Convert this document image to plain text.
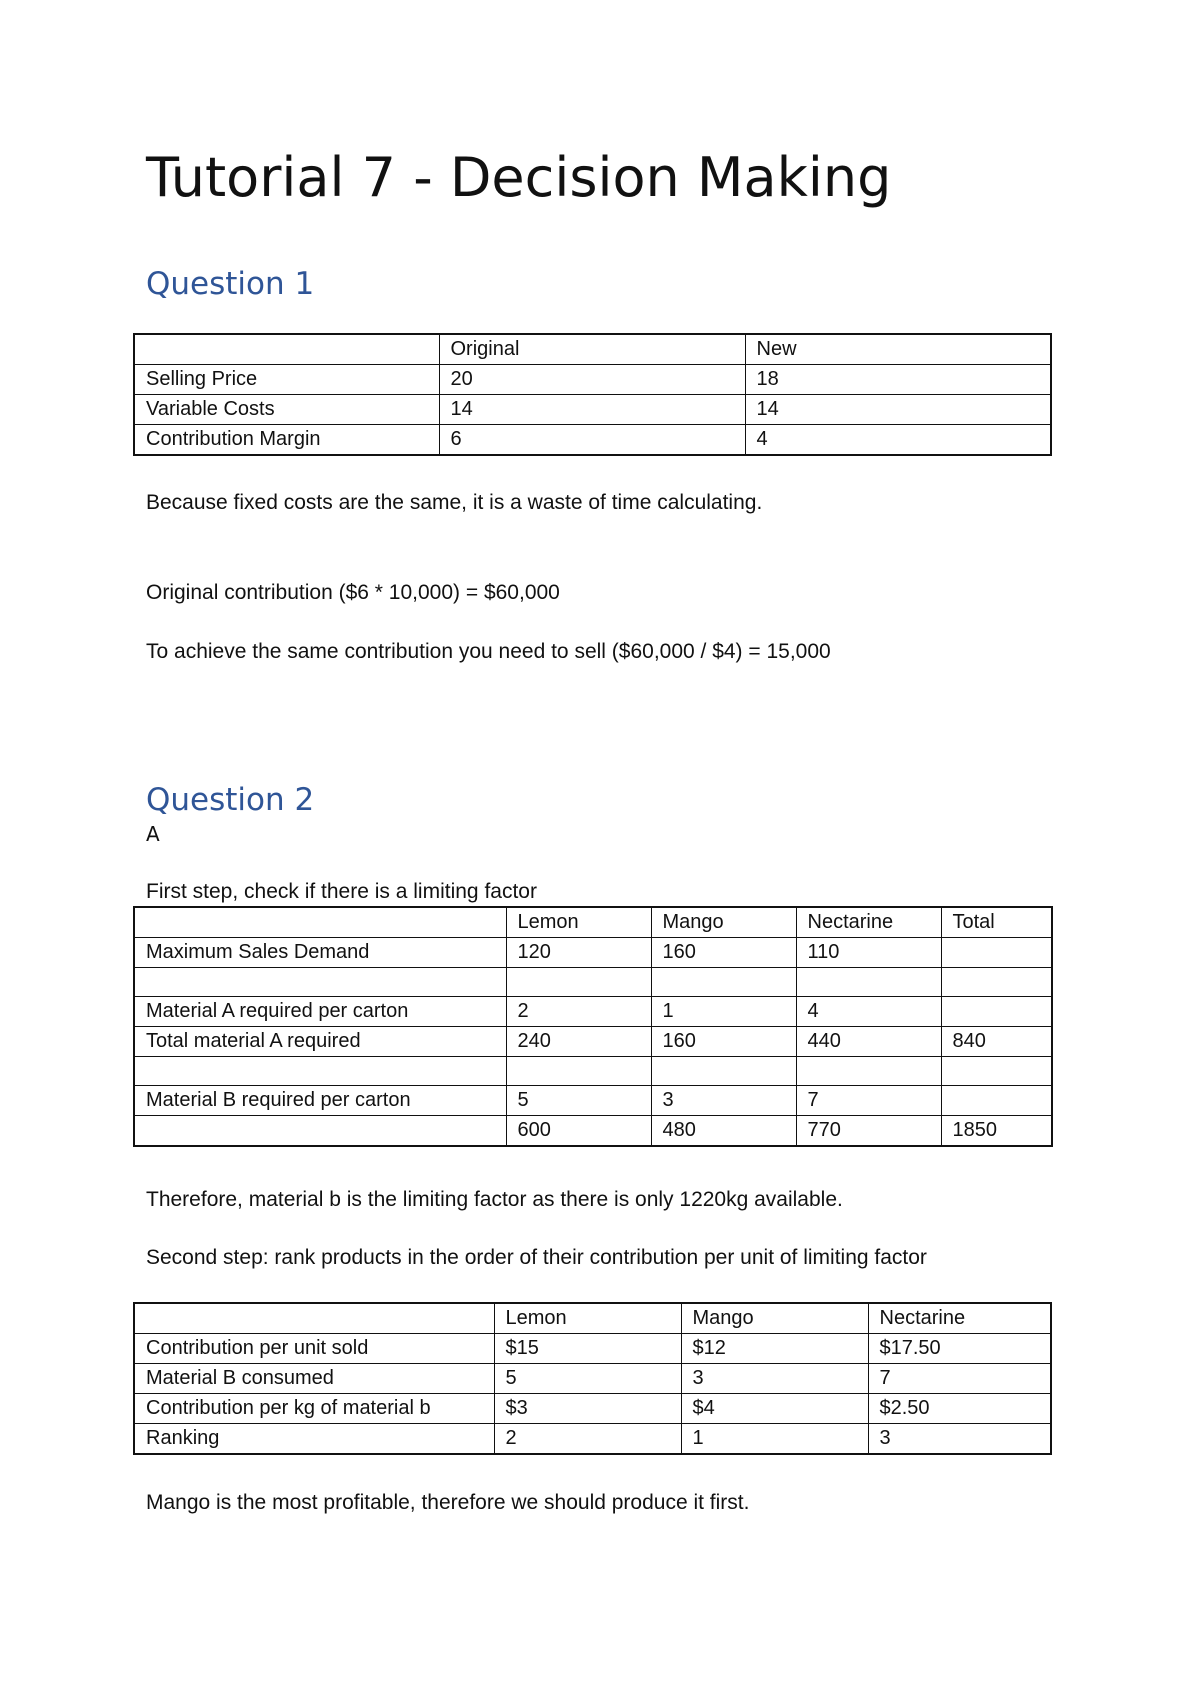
Tutorial 7 - Decision Making
Question 1
	Original	New
Selling Price	20	18
Variable Costs	14	14
Contribution Margin	6	4
Because fixed costs are the same, it is a waste of time calculating.
Original contribution ($6 * 10,000) = $60,000
To achieve the same contribution you need to sell ($60,000 / $4) = 15,000
Question 2
A
First step, check if there is a limiting factor
	Lemon	Mango	Nectarine	Total
Maximum Sales Demand	120	160	110	

Material A required per carton	2	1	4	
Total material A required	240	160	440	840

Material B required per carton	5	3	7	
	600	480	770	1850
Therefore, material b is the limiting factor as there is only 1220kg available.
Second step: rank products in the order of their contribution per unit of limiting factor
	Lemon	Mango	Nectarine
Contribution per unit sold	$15	$12	$17.50
Material B consumed	5	3	7
Contribution per kg of material b	$3	$4	$2.50
Ranking	2	1	3
Mango is the most profitable, therefore we should produce it first.
